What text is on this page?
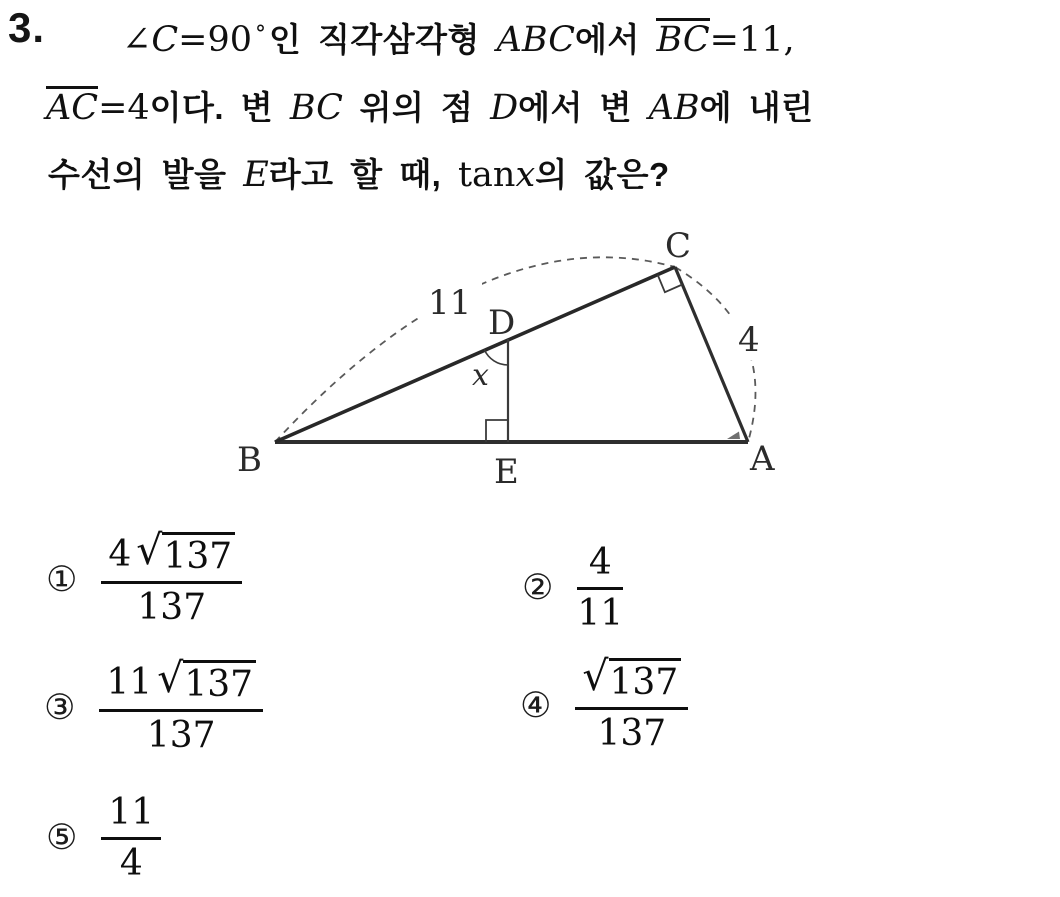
3. ∠C=90 °인 직각삼각형 ABC에서 BC=11,
AC=4이다. 변 BC 위의 점 D에서 변 AB에 내린
수선의 발을 E라고 할 때, tanx의 값은?
B	E	A
C
D
x
11
4
① $\frac{4 √ 137}{137}$	② $\frac{4}{11}$
③ $\frac{11 √ 137}{137}$	④ $\frac{√ 137}{137}$
⑤ $\frac{11}{4}$
